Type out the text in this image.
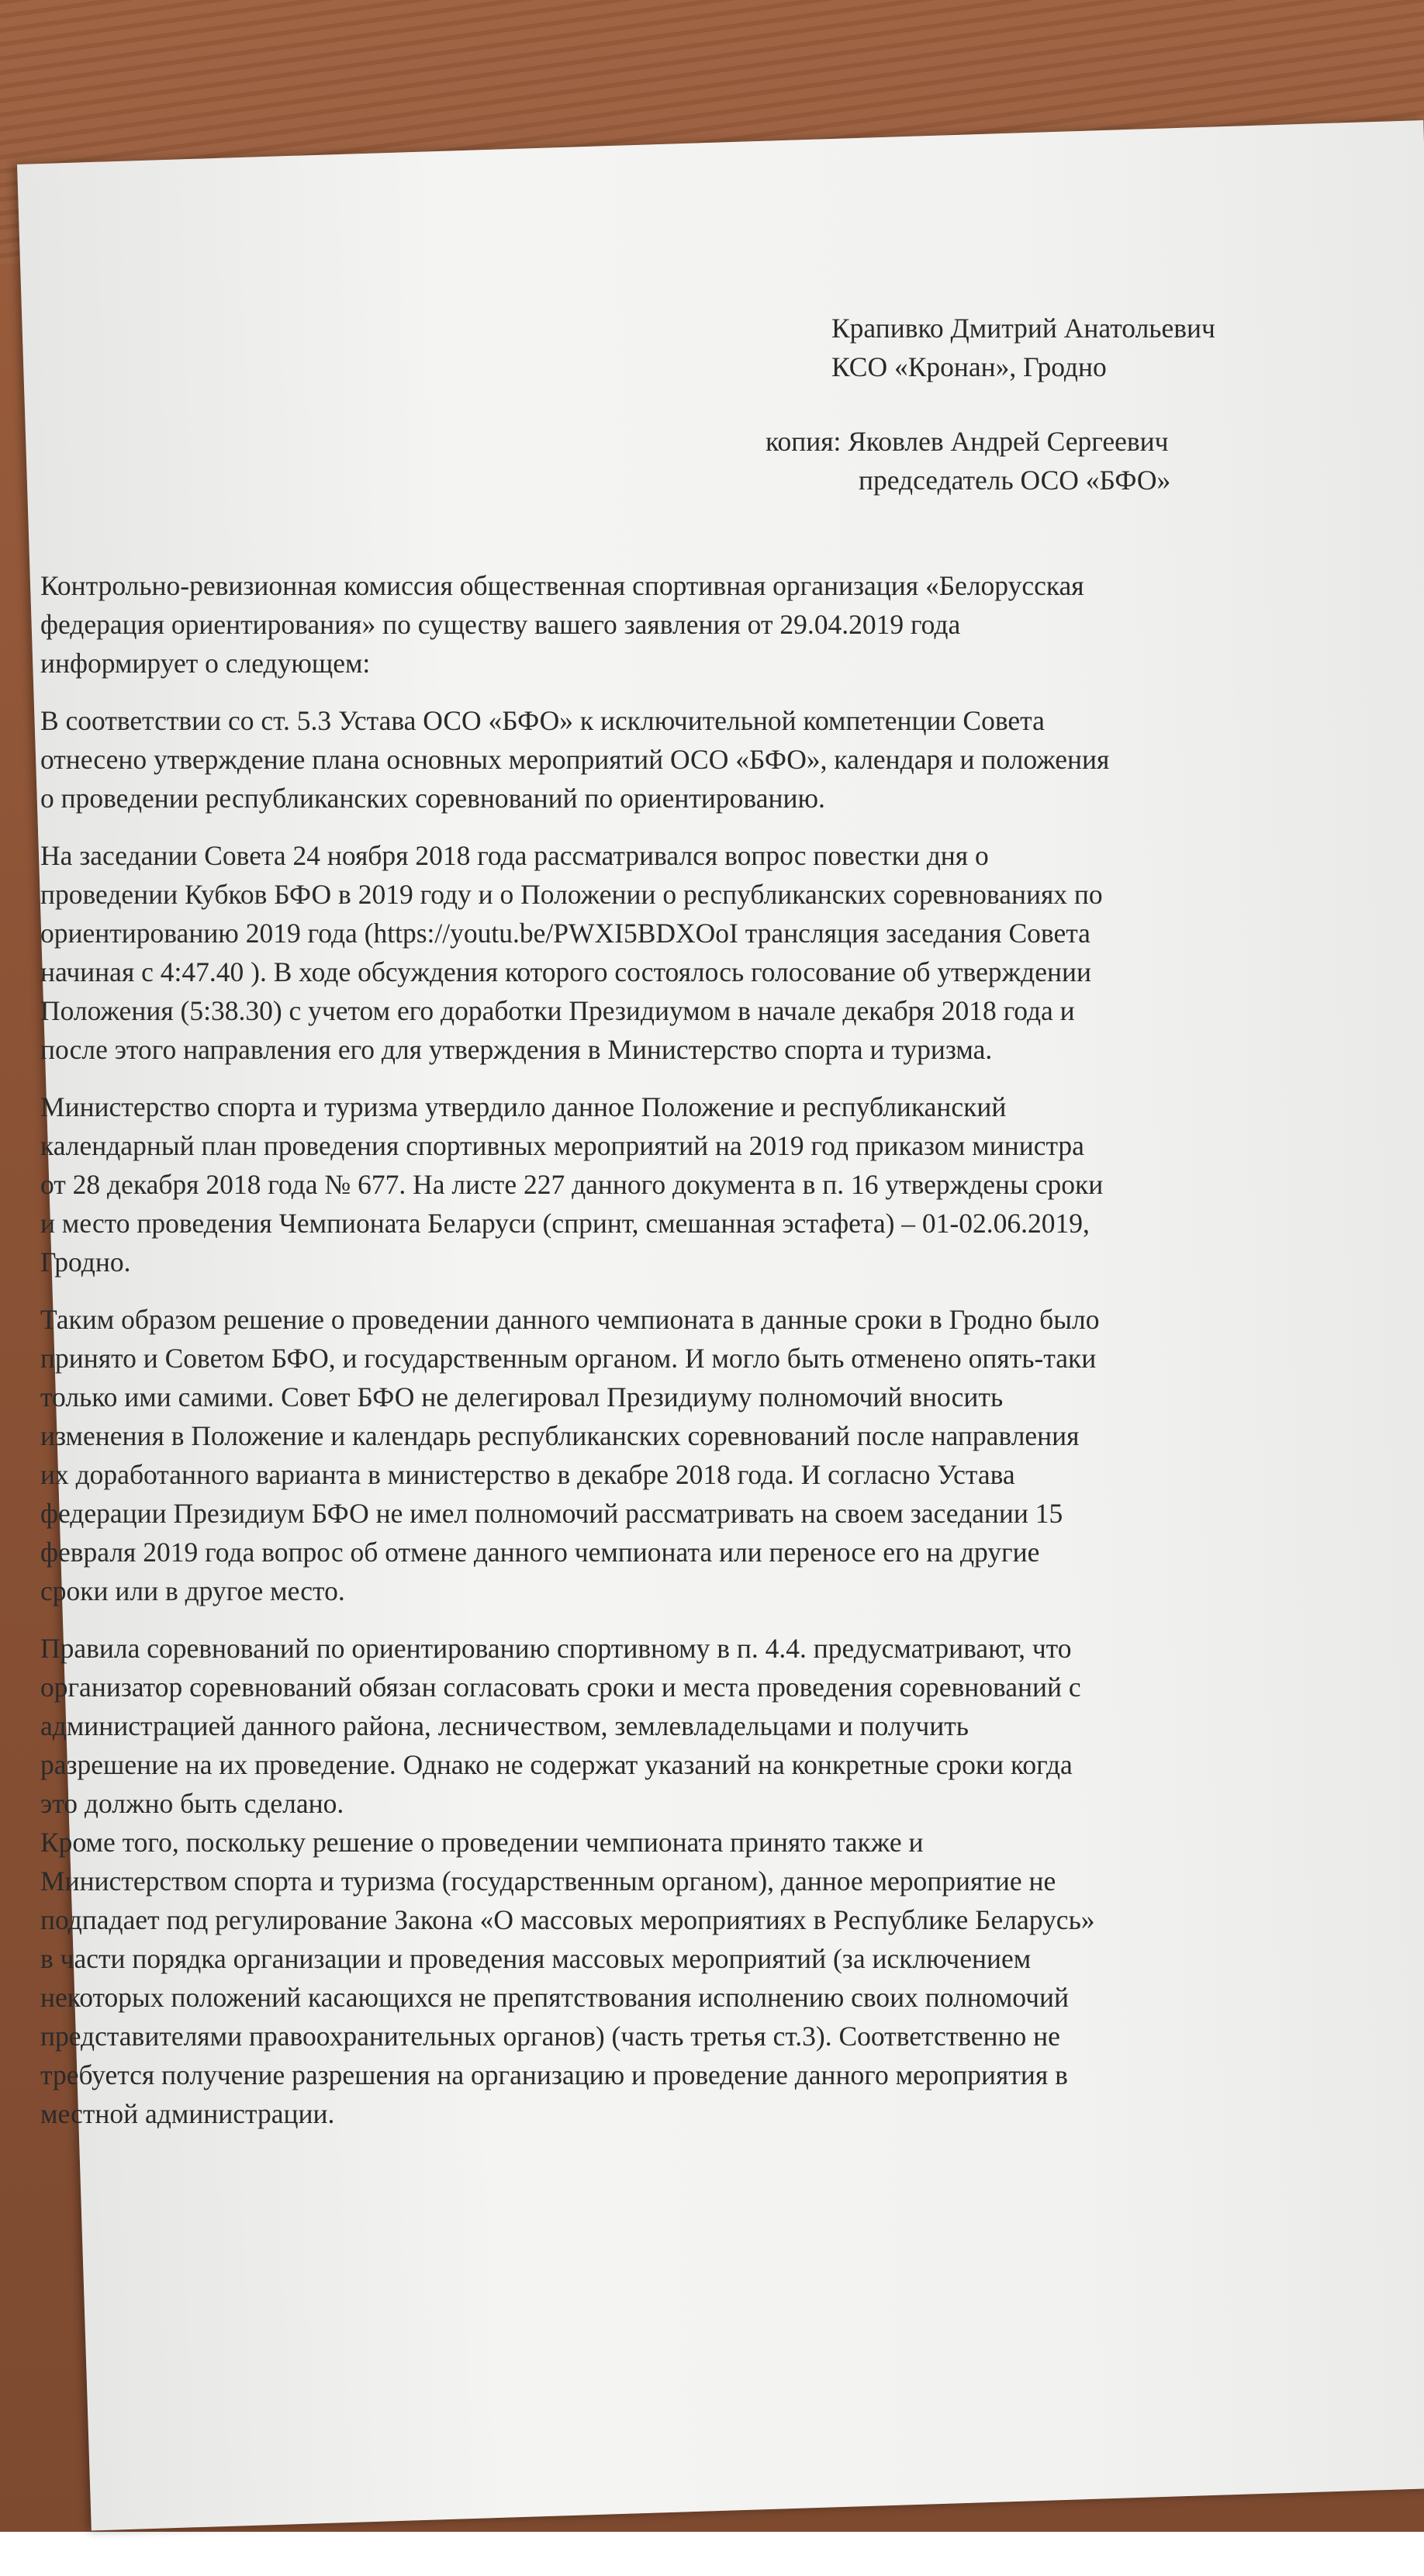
Крапивко Дмитрий Анатольевич
КСО «Кронан», Гродно
копия: Яковлев Андрей Сергеевич
председатель ОСО «БФО»

Контрольно-ревизионная комиссия общественная спортивная организация «Белорусская
федерация ориентирования» по существу вашего заявления от 29.04.2019 года
информирует о следующем:

В соответствии со ст. 5.3 Устава ОСО «БФО» к исключительной компетенции Совета
отнесено утверждение плана основных мероприятий ОСО «БФО», календаря и положения
о проведении республиканских соревнований по ориентированию.

На заседании Совета 24 ноября 2018 года рассматривался вопрос повестки дня о
проведении Кубков БФО в 2019 году и о Положении о республиканских соревнованиях по
ориентированию 2019 года (https://youtu.be/PWXI5BDXOoI трансляция заседания Совета
начиная с 4:47.40 ). В ходе обсуждения которого состоялось голосование об утверждении
Положения (5:38.30) с учетом его доработки Президиумом в начале декабря 2018 года и
после этого направления его для утверждения в Министерство спорта и туризма.

Министерство спорта и туризма утвердило данное Положение и республиканский
календарный план проведения спортивных мероприятий на 2019 год приказом министра
от 28 декабря 2018 года № 677. На листе 227 данного документа в п. 16 утверждены сроки
и место проведения Чемпионата Беларуси (спринт, смешанная эстафета) – 01-02.06.2019,
Гродно.

Таким образом решение о проведении данного чемпионата в данные сроки в Гродно было
принято и Советом БФО, и государственным органом. И могло быть отменено опять-таки
только ими самими. Совет БФО не делегировал Президиуму полномочий вносить
изменения в Положение и календарь республиканских соревнований после направления
их доработанного варианта в министерство в декабре 2018 года. И согласно Устава
федерации Президиум БФО не имел полномочий рассматривать на своем заседании 15
февраля 2019 года вопрос об отмене данного чемпионата или переносе его на другие
сроки или в другое место.

Правила соревнований по ориентированию спортивному в п. 4.4. предусматривают, что
организатор соревнований обязан согласовать сроки и места проведения соревнований с
администрацией данного района, лесничеством, землевладельцами и получить
разрешение на их проведение. Однако не содержат указаний на конкретные сроки когда
это должно быть сделано.

Кроме того, поскольку решение о проведении чемпионата принято также и
Министерством спорта и туризма (государственным органом), данное мероприятие не
подпадает под регулирование Закона «О массовых мероприятиях в Республике Беларусь»
в части порядка организации и проведения массовых мероприятий (за исключением
некоторых положений касающихся не препятствования исполнению своих полномочий
представителями правоохранительных органов) (часть третья ст.3). Соответственно не
требуется получение разрешения на организацию и проведение данного мероприятия в
местной администрации.
